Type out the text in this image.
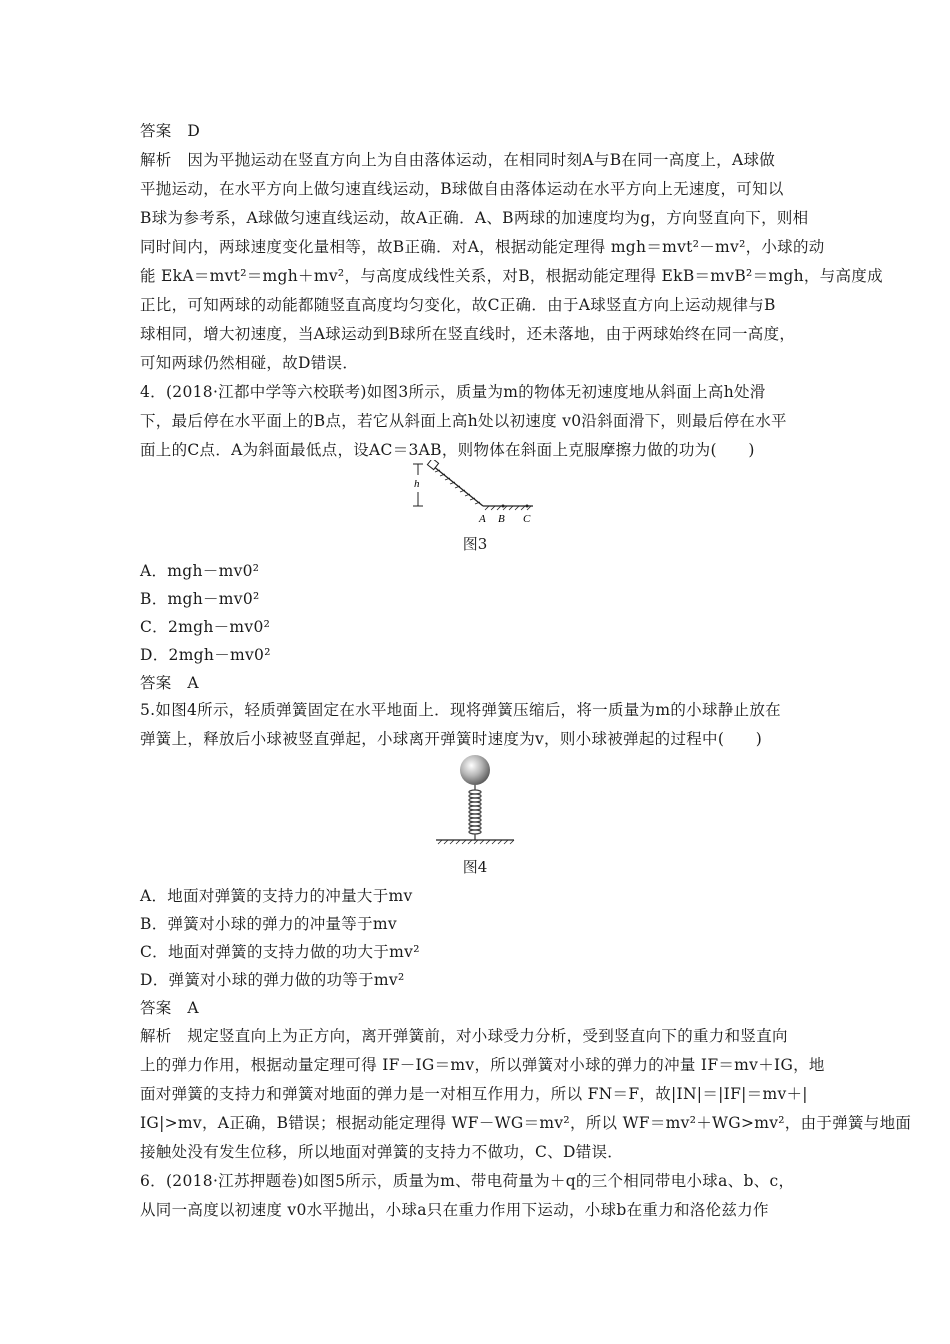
答案　D
解析　因为平抛运动在竖直方向上为自由落体运动，在相同时刻A与B在同一高度上，A球做
平抛运动，在水平方向上做匀速直线运动，B球做自由落体运动在水平方向上无速度，可知以
B球为参考系，A球做匀速直线运动，故A正确．A、B两球的加速度均为g，方向竖直向下，则相
同时间内，两球速度变化量相等，故B正确．对A，根据动能定理得 mgh＝mvt²－mv²，小球的动
能 EkA＝mvt²＝mgh＋mv²，与高度成线性关系，对B，根据动能定理得 EkB＝mvB²＝mgh，与高度成
正比，可知两球的动能都随竖直高度均匀变化，故C正确．由于A球竖直方向上运动规律与B
球相同，增大初速度，当A球运动到B球所在竖直线时，还未落地，由于两球始终在同一高度，
可知两球仍然相碰，故D错误．
4．(2018·江都中学等六校联考)如图3所示，质量为m的物体无初速度地从斜面上高h处滑
下，最后停在水平面上的B点，若它从斜面上高h处以初速度 v0沿斜面滑下，则最后停在水平
面上的C点．A为斜面最低点，设AC＝3AB，则物体在斜面上克服摩擦力做的功为(　　)
h
A B C
图3
A．mgh－mv0²
B．mgh－mv0²
C．2mgh－mv0²
D．2mgh－mv0²
答案　A
5.如图4所示，轻质弹簧固定在水平地面上．现将弹簧压缩后，将一质量为m的小球静止放在
弹簧上，释放后小球被竖直弹起，小球离开弹簧时速度为v，则小球被弹起的过程中(　　)
图4
A．地面对弹簧的支持力的冲量大于mv
B．弹簧对小球的弹力的冲量等于mv
C．地面对弹簧的支持力做的功大于mv²
D．弹簧对小球的弹力做的功等于mv²
答案　A
解析　规定竖直向上为正方向，离开弹簧前，对小球受力分析，受到竖直向下的重力和竖直向
上的弹力作用，根据动量定理可得 IF－IG＝mv，所以弹簧对小球的弹力的冲量 IF＝mv＋IG，地
面对弹簧的支持力和弹簧对地面的弹力是一对相互作用力，所以 FN＝F，故|IN|＝|IF|＝mv＋|
IG|>mv，A正确，B错误；根据动能定理得 WF－WG＝mv²，所以 WF＝mv²＋WG>mv²，由于弹簧与地面
接触处没有发生位移，所以地面对弹簧的支持力不做功，C、D错误．
6．(2018·江苏押题卷)如图5所示，质量为m、带电荷量为＋q的三个相同带电小球a、b、c，
从同一高度以初速度 v0水平抛出，小球a只在重力作用下运动，小球b在重力和洛伦兹力作
